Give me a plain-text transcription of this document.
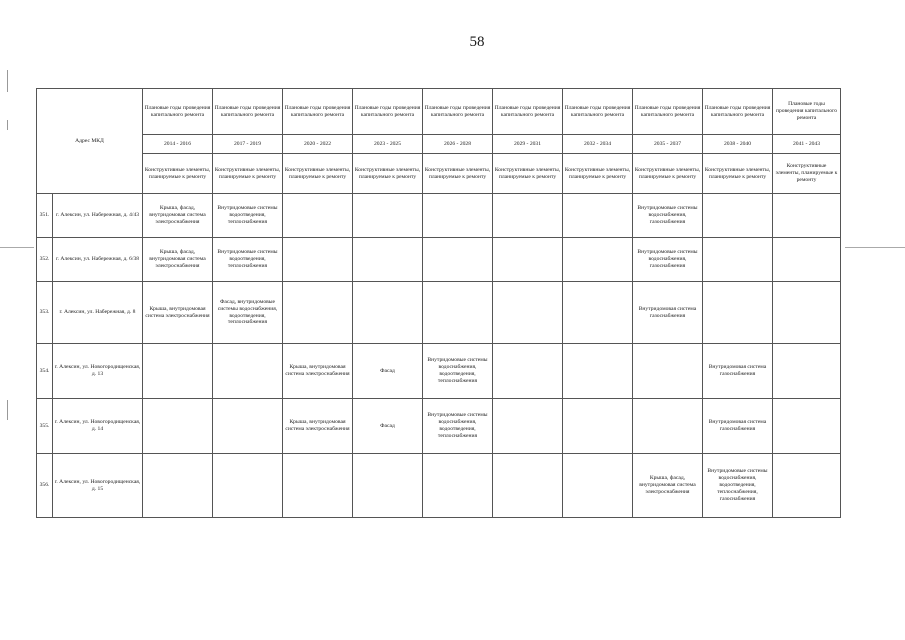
58
Адрес МКД		Плановые годы проведения капитального ремонта	Плановые годы проведения капитального ремонта	Плановые годы проведения капитального ремонта	Плановые годы проведения капитального ремонта	Плановые годы проведения капитального ремонта	Плановые годы проведения капитального ремонта	Плановые годы проведения капитального ремонта	Плановые годы проведения капитального ремонта	Плановые годы проведения капитального ремонта	Плановые годы проведения капитального ремонта
		2014 - 2016	2017 - 2019	2020 - 2022	2023 - 2025	2026 - 2028	2029 - 2031	2032 - 2034	2035 - 2037	2038 - 2040	2041 - 2043
		Конструктивные элементы, планируемые к ремонту	Конструктивные элементы, планируемые к ремонту	Конструктивные элементы, планируемые к ремонту	Конструктивные элементы, планируемые к ремонту	Конструктивные элементы, планируемые к ремонту	Конструктивные элементы, планируемые к ремонту	Конструктивные элементы, планируемые к ремонту	Конструктивные элементы, планируемые к ремонту	Конструктивные элементы, планируемые к ремонту	Конструктивные элементы, планируемые к ремонту
351.	г. Алексин, ул. Набережная, д. 4/43	Крыша, фасад, внутридомовая система электроснабжения	Внутридомовые системы водоотведения, теплоснабжения						Внутридомовые системы водоснабжения, газоснабжения		
352.	г. Алексин, ул. Набережная, д. 6/38	Крыша, фасад, внутридомовая система электроснабжения	Внутридомовые системы водоотведения, теплоснабжения						Внутридомовые системы водоснабжения, газоснабжения		
353.	г. Алексин, ул. Набережная, д. 8	Крыша, внутридомовая система электроснабжения	Фасад, внутридомовые системы водоснабжения, водоотведения, теплоснабжения						Внутридомовая система газоснабжения		
354.	г. Алексин, ул. Новогородищенская, д. 13			Крыша, внутридомовая система электроснабжения	Фасад	Внутридомовые системы водоснабжения, водоотведения, теплоснабжения				Внутридомовая система газоснабжения	
355.	г. Алексин, ул. Новогородищенская, д. 14			Крыша, внутридомовая система электроснабжения	Фасад	Внутридомовые системы водоснабжения, водоотведения, теплоснабжения				Внутридомовая система газоснабжения	
356.	г. Алексин, ул. Новогородищенская, д. 15								Крыша, фасад, внутридомовая система электроснабжения	Внутридомовые системы водоснабжения, водоотведения, теплоснабжения, газоснабжения	
